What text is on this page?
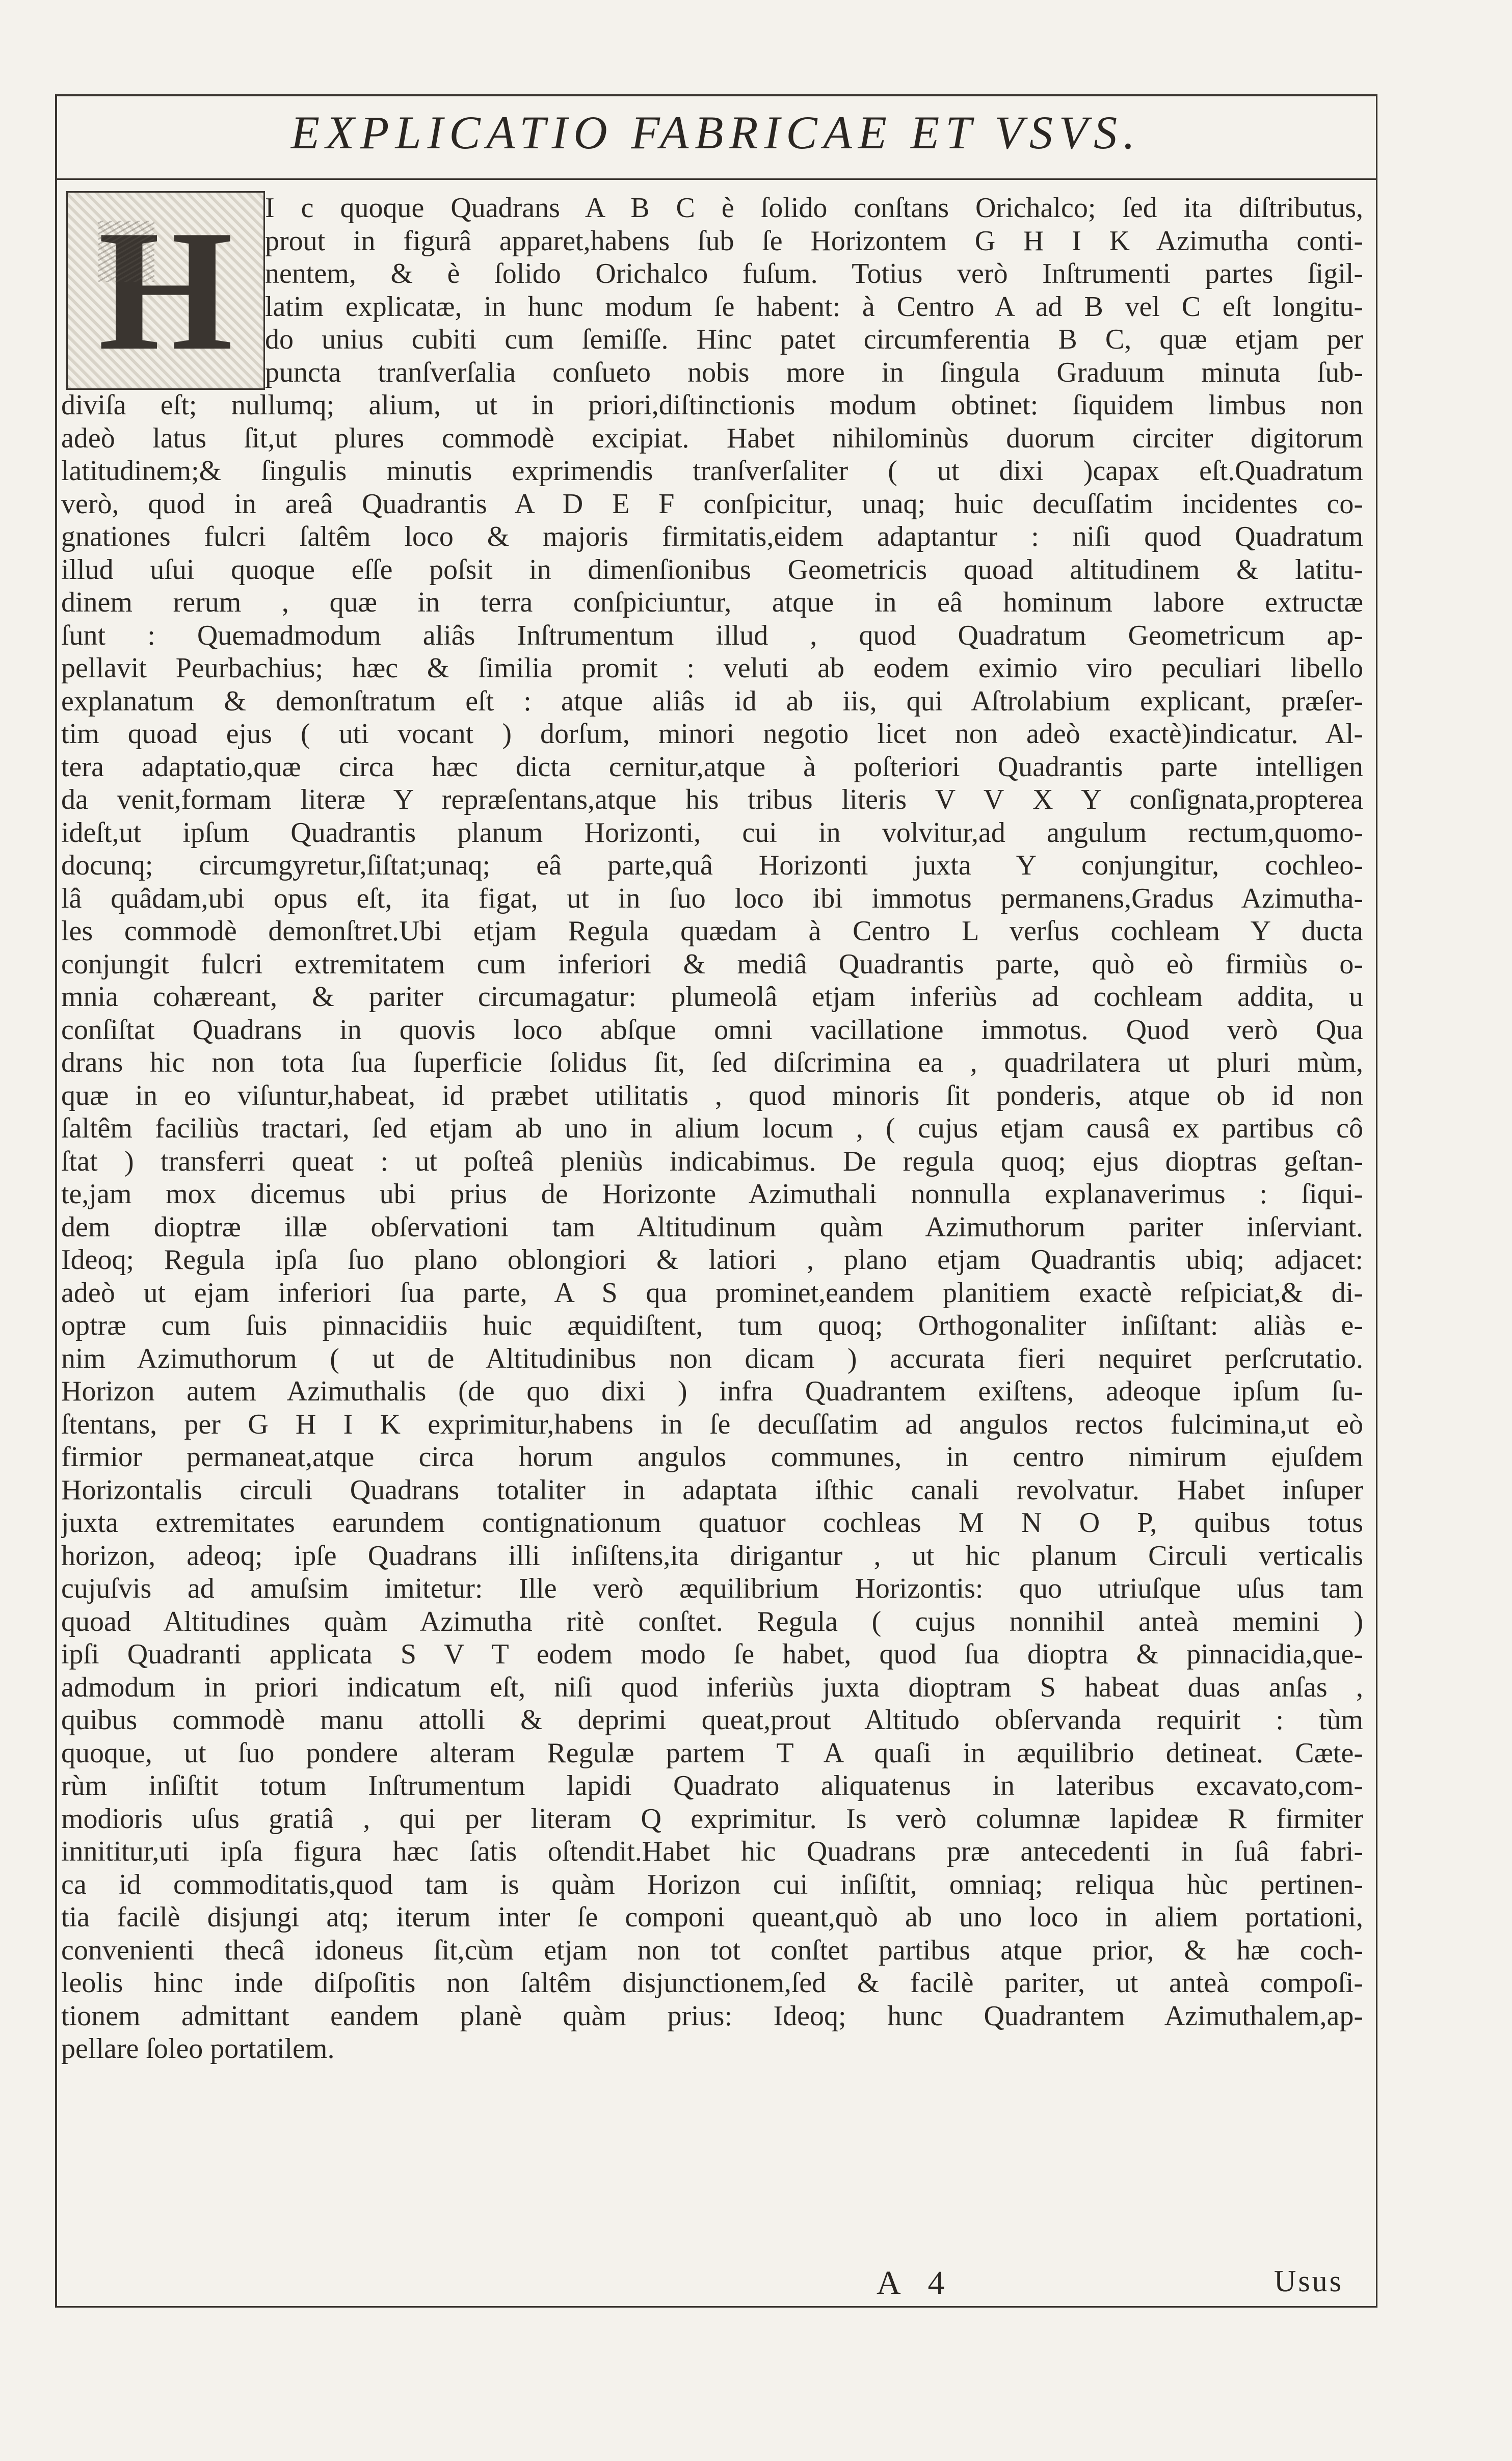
EXPLICATIO FABRICAE ET VSVS.
H	I c quoque Quadrans A B C è ſolido conſtans Orichalco; ſed ita diſtributus,
prout in figurâ apparet,habens ſub ſe Horizontem G H I K Azimutha conti-
nentem, & è ſolido Orichalco fuſum. Totius verò Inſtrumenti partes ſigil-
latim explicatæ, in hunc modum ſe habent: à Centro A ad B vel C eſt longitu-
do unius cubiti cum ſemiſſe. Hinc patet circumferentia B C, quæ etjam per
puncta tranſverſalia conſueto nobis more in ſingula Graduum minuta ſub-
diviſa eſt; nullumq; alium, ut in priori,diſtinctionis modum obtinet: ſiquidem limbus non
adeò latus ſit,ut plures commodè excipiat. Habet nihilominùs duorum circiter digitorum
latitudinem;& ſingulis minutis exprimendis tranſverſaliter ( ut dixi )capax eſt.Quadratum
verò, quod in areâ Quadrantis A D E F conſpicitur, unaq; huic decuſſatim incidentes co-
gnationes fulcri ſaltêm loco & majoris firmitatis,eidem adaptantur : niſi quod Quadratum
illud uſui quoque eſſe poſsit in dimenſionibus Geometricis quoad altitudinem & latitu-
dinem rerum , quæ in terra conſpiciuntur, atque in eâ hominum labore extructæ
ſunt : Quemadmodum aliâs Inſtrumentum illud , quod Quadratum Geometricum ap-
pellavit Peurbachius; hæc & ſimilia promit : veluti ab eodem eximio viro peculiari libello
explanatum & demonſtratum eſt : atque aliâs id ab iis, qui Aſtrolabium explicant, præſer-
tim quoad ejus ( uti vocant ) dorſum, minori negotio licet non adeò exactè)indicatur. Al-
tera adaptatio,quæ circa hæc dicta cernitur,atque à poſteriori Quadrantis parte intelligen
da venit,formam literæ Y repræſentans,atque his tribus literis V V X Y conſignata,propterea
ideſt,ut ipſum Quadrantis planum Horizonti, cui in volvitur,ad angulum rectum,quomo-
docunq; circumgyretur,ſiſtat;unaq; eâ parte,quâ Horizonti juxta Y conjungitur, cochleo-
lâ quâdam,ubi opus eſt, ita figat, ut in ſuo loco ibi immotus permanens,Gradus Azimutha-
les commodè demonſtret.Ubi etjam Regula quædam à Centro L verſus cochleam Y ducta
conjungit fulcri extremitatem cum inferiori & mediâ Quadrantis parte, quò eò firmiùs o-
mnia cohæreant, & pariter circumagatur: plumeolâ etjam inferiùs ad cochleam addita, u
conſiſtat Quadrans in quovis loco abſque omni vacillatione immotus. Quod verò Qua
drans hic non tota ſua ſuperficie ſolidus ſit, ſed diſcrimina ea , quadrilatera ut pluri mùm,
quæ in eo viſuntur,habeat, id præbet utilitatis , quod minoris ſit ponderis, atque ob id non
ſaltêm faciliùs tractari, ſed etjam ab uno in alium locum , ( cujus etjam causâ ex partibus cô
ſtat ) transferri queat : ut poſteâ pleniùs indicabimus. De regula quoq; ejus dioptras geſtan-
te,jam mox dicemus ubi prius de Horizonte Azimuthali nonnulla explanaverimus : ſiqui-
dem dioptræ illæ obſervationi tam Altitudinum quàm Azimuthorum pariter inſerviant.
Ideoq; Regula ipſa ſuo plano oblongiori & latiori , plano etjam Quadrantis ubiq; adjacet:
adeò ut ejam inferiori ſua parte, A S qua prominet,eandem planitiem exactè reſpiciat,& di-
optræ cum ſuis pinnacidiis huic æquidiſtent, tum quoq; Orthogonaliter inſiſtant: aliàs e-
nim Azimuthorum ( ut de Altitudinibus non dicam ) accurata fieri nequiret perſcrutatio.
Horizon autem Azimuthalis (de quo dixi ) infra Quadrantem exiſtens, adeoque ipſum ſu-
ſtentans, per G H I K exprimitur,habens in ſe decuſſatim ad angulos rectos fulcimina,ut eò
firmior permaneat,atque circa horum angulos communes, in centro nimirum ejuſdem
Horizontalis circuli Quadrans totaliter in adaptata iſthic canali revolvatur. Habet inſuper
juxta extremitates earundem contignationum quatuor cochleas M N O P, quibus totus
horizon, adeoq; ipſe Quadrans illi inſiſtens,ita dirigantur , ut hic planum Circuli verticalis
cujuſvis ad amuſsim imitetur: Ille verò æquilibrium Horizontis: quo utriuſque uſus tam
quoad Altitudines quàm Azimutha ritè conſtet. Regula ( cujus nonnihil anteà memini )
ipſi Quadranti applicata S V T eodem modo ſe habet, quod ſua dioptra & pinnacidia,que-
admodum in priori indicatum eſt, niſi quod inferiùs juxta dioptram S habeat duas anſas ,
quibus commodè manu attolli & deprimi queat,prout Altitudo obſervanda requirit : tùm
quoque, ut ſuo pondere alteram Regulæ partem T A quaſi in æquilibrio detineat. Cæte-
rùm inſiſtit totum Inſtrumentum lapidi Quadrato aliquatenus in lateribus excavato,com-
modioris uſus gratiâ , qui per literam Q exprimitur. Is verò columnæ lapideæ R firmiter
innititur,uti ipſa figura hæc ſatis oſtendit.Habet hic Quadrans præ antecedenti in ſuâ fabri-
ca id commoditatis,quod tam is quàm Horizon cui inſiſtit, omniaq; reliqua hùc pertinen-
tia facilè disjungi atq; iterum inter ſe componi queant,quò ab uno loco in aliem portationi,
convenienti thecâ idoneus ſit,cùm etjam non tot conſtet partibus atque prior, & hæ coch-
leolis hinc inde diſpoſitis non ſaltêm disjunctionem,ſed & facilè pariter, ut anteà compoſi-
tionem admittant eandem planè quàm prius: Ideoq; hunc Quadrantem Azimuthalem,ap-
pellare ſoleo portatilem.
A 4	Usus
